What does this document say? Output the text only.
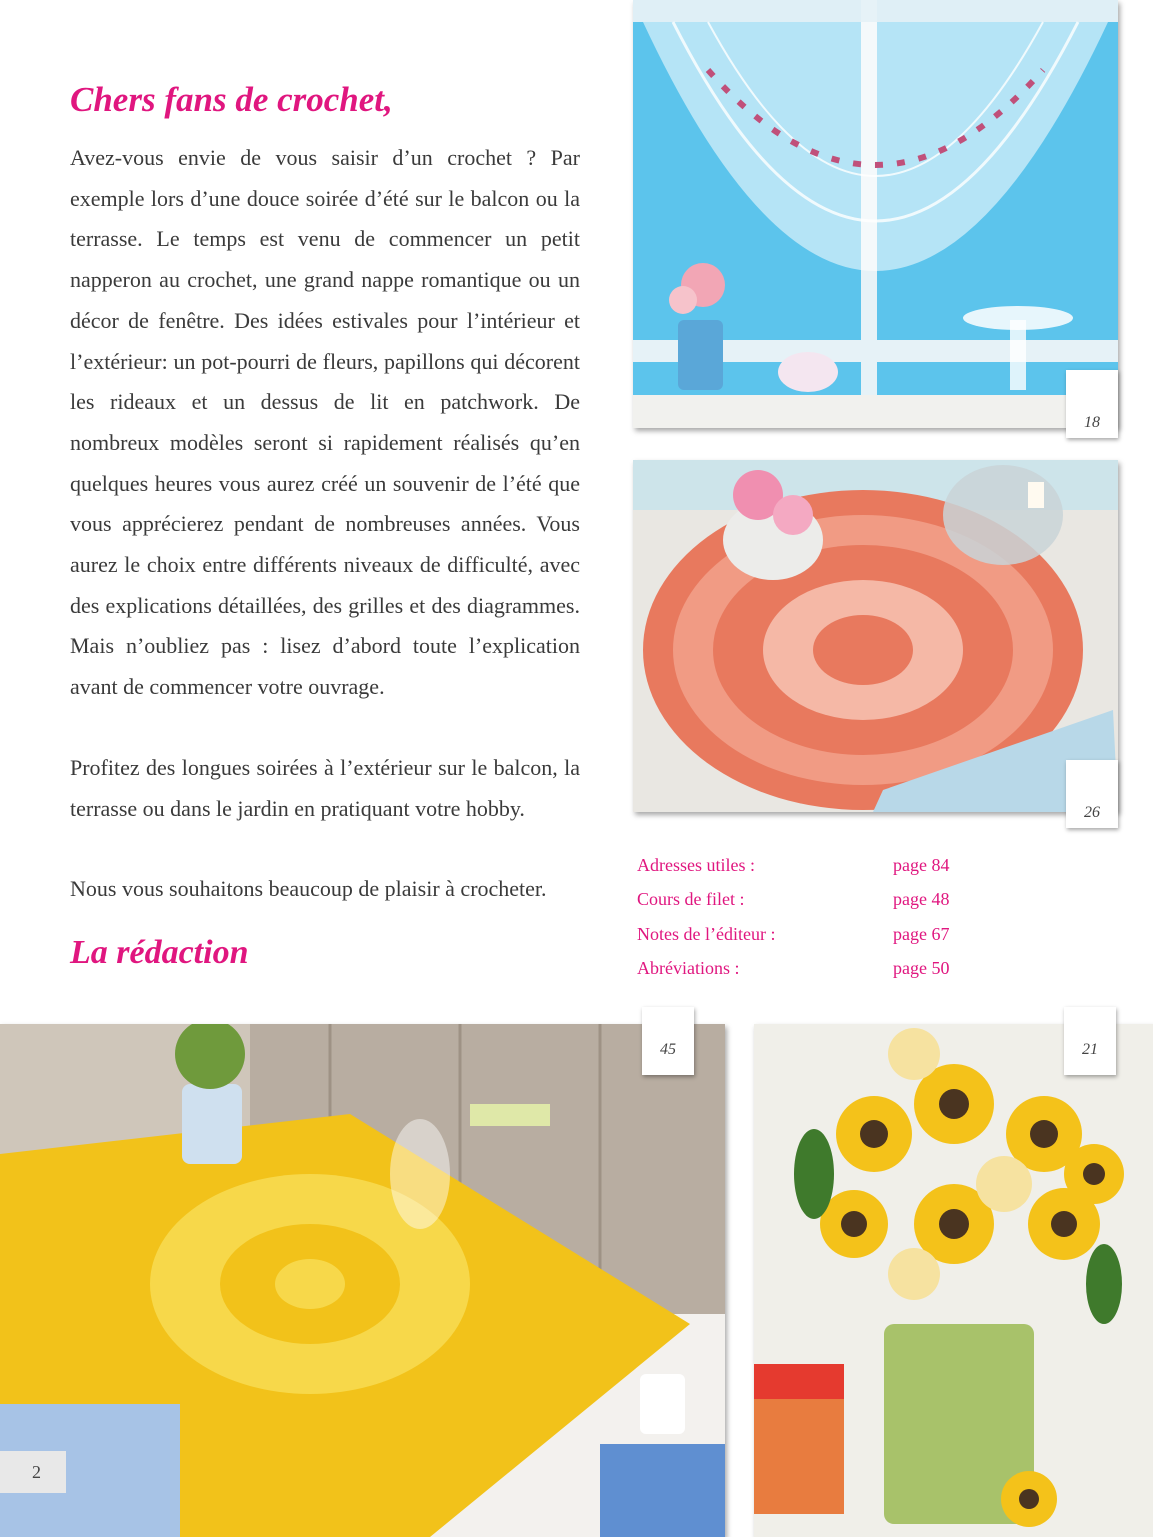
Chers fans de crochet,

Avez-vous envie de vous saisir d’un crochet ? Par exemple lors d’une douce soirée d’été sur le balcon ou la terrasse. Le temps est venu de commencer un petit napperon au crochet, une grand nappe romantique ou un décor de fenêtre. Des idées estivales pour l’intérieur et l’extérieur: un pot-pourri de fleurs, papillons qui décorent les rideaux et un dessus de lit en patchwork. De nombreux modèles seront si rapidement réalisés qu’en quelques heures vous aurez créé un souvenir de l’été que vous apprécierez pendant de nombreuses années. Vous aurez le choix entre différents niveaux de difficulté, avec des explications détaillées, des grilles et des diagrammes. Mais n’oubliez pas : lisez d’abord toute l’explication avant de commencer votre ouvrage.

Profitez des longues soirées à l’extérieur sur le balcon, la terrasse ou dans le jardin en pratiquant votre hobby.

Nous vous souhaitons beaucoup de plaisir à crocheter.

La rédaction
18
26
Adresses utiles :	page 84
Cours de filet :	page 48
Notes de l’éditeur :	page 67
Abréviations :	page 50
45	21
2
